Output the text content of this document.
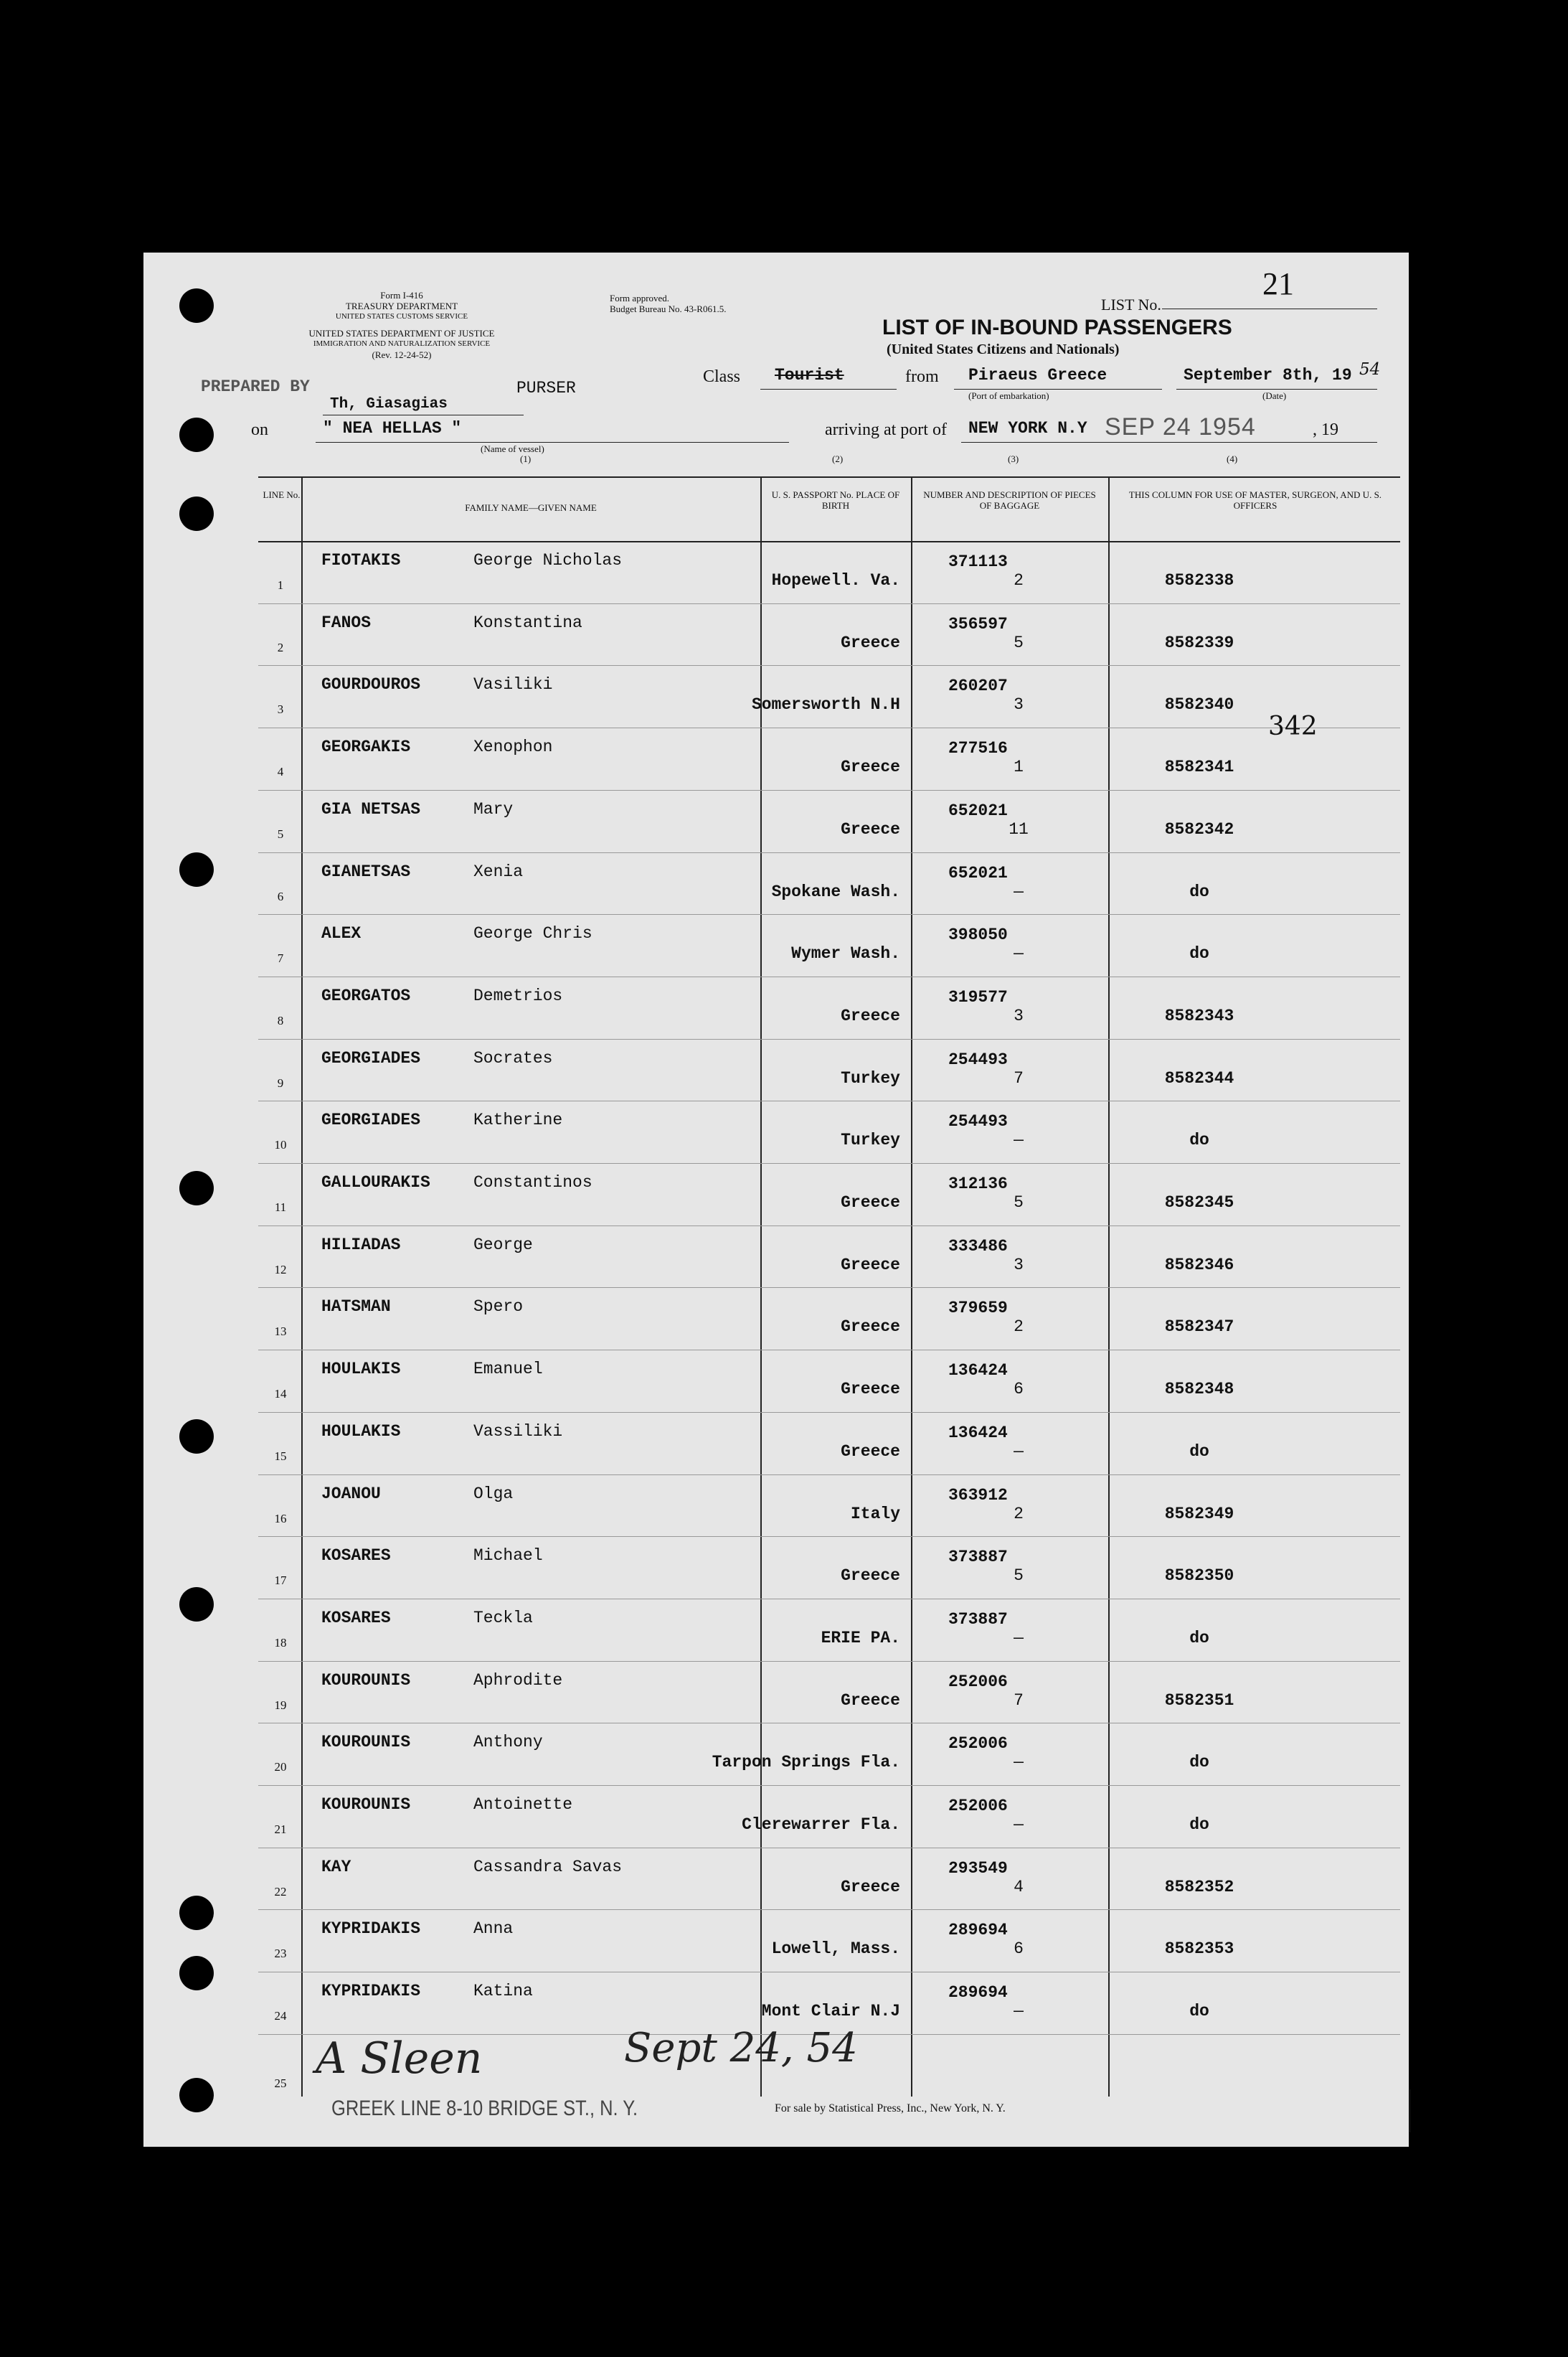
Form I-416
TREASURY DEPARTMENT
UNITED STATES CUSTOMS SERVICE
UNITED STATES DEPARTMENT OF JUSTICE
IMMIGRATION AND NATURALIZATION SERVICE
(Rev. 12-24-52)
Form approved.
Budget Bureau No. 43-R061.5.	LIST No.
21
LIST OF IN-BOUND PASSENGERS
(United States Citizens and Nationals)
Class Tourist	from Piraeus Greece
(Port of embarkation)
September 8th, 19 54
(Date)
PREPARED BY
Th, Giasagias
PURSER
on	" NEA HELLAS "
(Name of vessel)
arriving at port of NEW YORK N.Y SEP 24 1954	, 19
(1)	(2)	(3)	(4)
LINE No.
FAMILY NAME—GIVEN NAME
U. S. PASSPORT No. PLACE OF BIRTH
NUMBER AND DESCRIPTION OF PIECES OF BAGGAGE
THIS COLUMN FOR USE OF MASTER, SURGEON, AND U. S. OFFICERS
1
FIOTAKIS	George Nicholas	371113
Hopewell. Va.	2	8582338
2
FANOS	Konstantina	356597
Greece	5	8582339
3
GOURDOUROS	Vasiliki	260207
Somersworth N.H	3	8582340
4
GEORGAKIS	Xenophon	277516
Greece	1	8582341
5
GIA NETSAS	Mary	652021
Greece	11	8582342
6
GIANETSAS	Xenia	652021
Spokane Wash.	—	do
7
ALEX	George Chris	398050
Wymer Wash.	—	do
8
GEORGATOS	Demetrios	319577
Greece	3	8582343
9
GEORGIADES	Socrates	254493
Turkey	7	8582344
10
GEORGIADES	Katherine	254493
Turkey	—	do
11
GALLOURAKIS	Constantinos	312136
Greece	5	8582345
12
HILIADAS	George	333486
Greece	3	8582346
13
HATSMAN	Spero	379659
Greece	2	8582347
14
HOULAKIS	Emanuel	136424
Greece	6	8582348
15
HOULAKIS	Vassiliki	136424
Greece	—	do
16
JOANOU	Olga	363912
Italy	2	8582349
17
KOSARES	Michael	373887
Greece	5	8582350
18
KOSARES	Teckla	373887
ERIE PA.	—	do
19
KOUROUNIS	Aphrodite	252006
Greece	7	8582351
20
KOUROUNIS	Anthony	252006
Tarpon Springs Fla.	—	do
21
KOUROUNIS	Antoinette	252006
Clerewarrer Fla.	—	do
22
KAY	Cassandra Savas	293549
Greece	4	8582352
23
KYPRIDAKIS	Anna	289694
Lowell, Mass.	6	8582353
24
KYPRIDAKIS	Katina	289694
Mont Clair N.J	—	do
25
342
A Sleen	Sept 24, 54
GREEK LINE 8-10 BRIDGE ST., N. Y.	For sale by Statistical Press, Inc., New York, N. Y.
